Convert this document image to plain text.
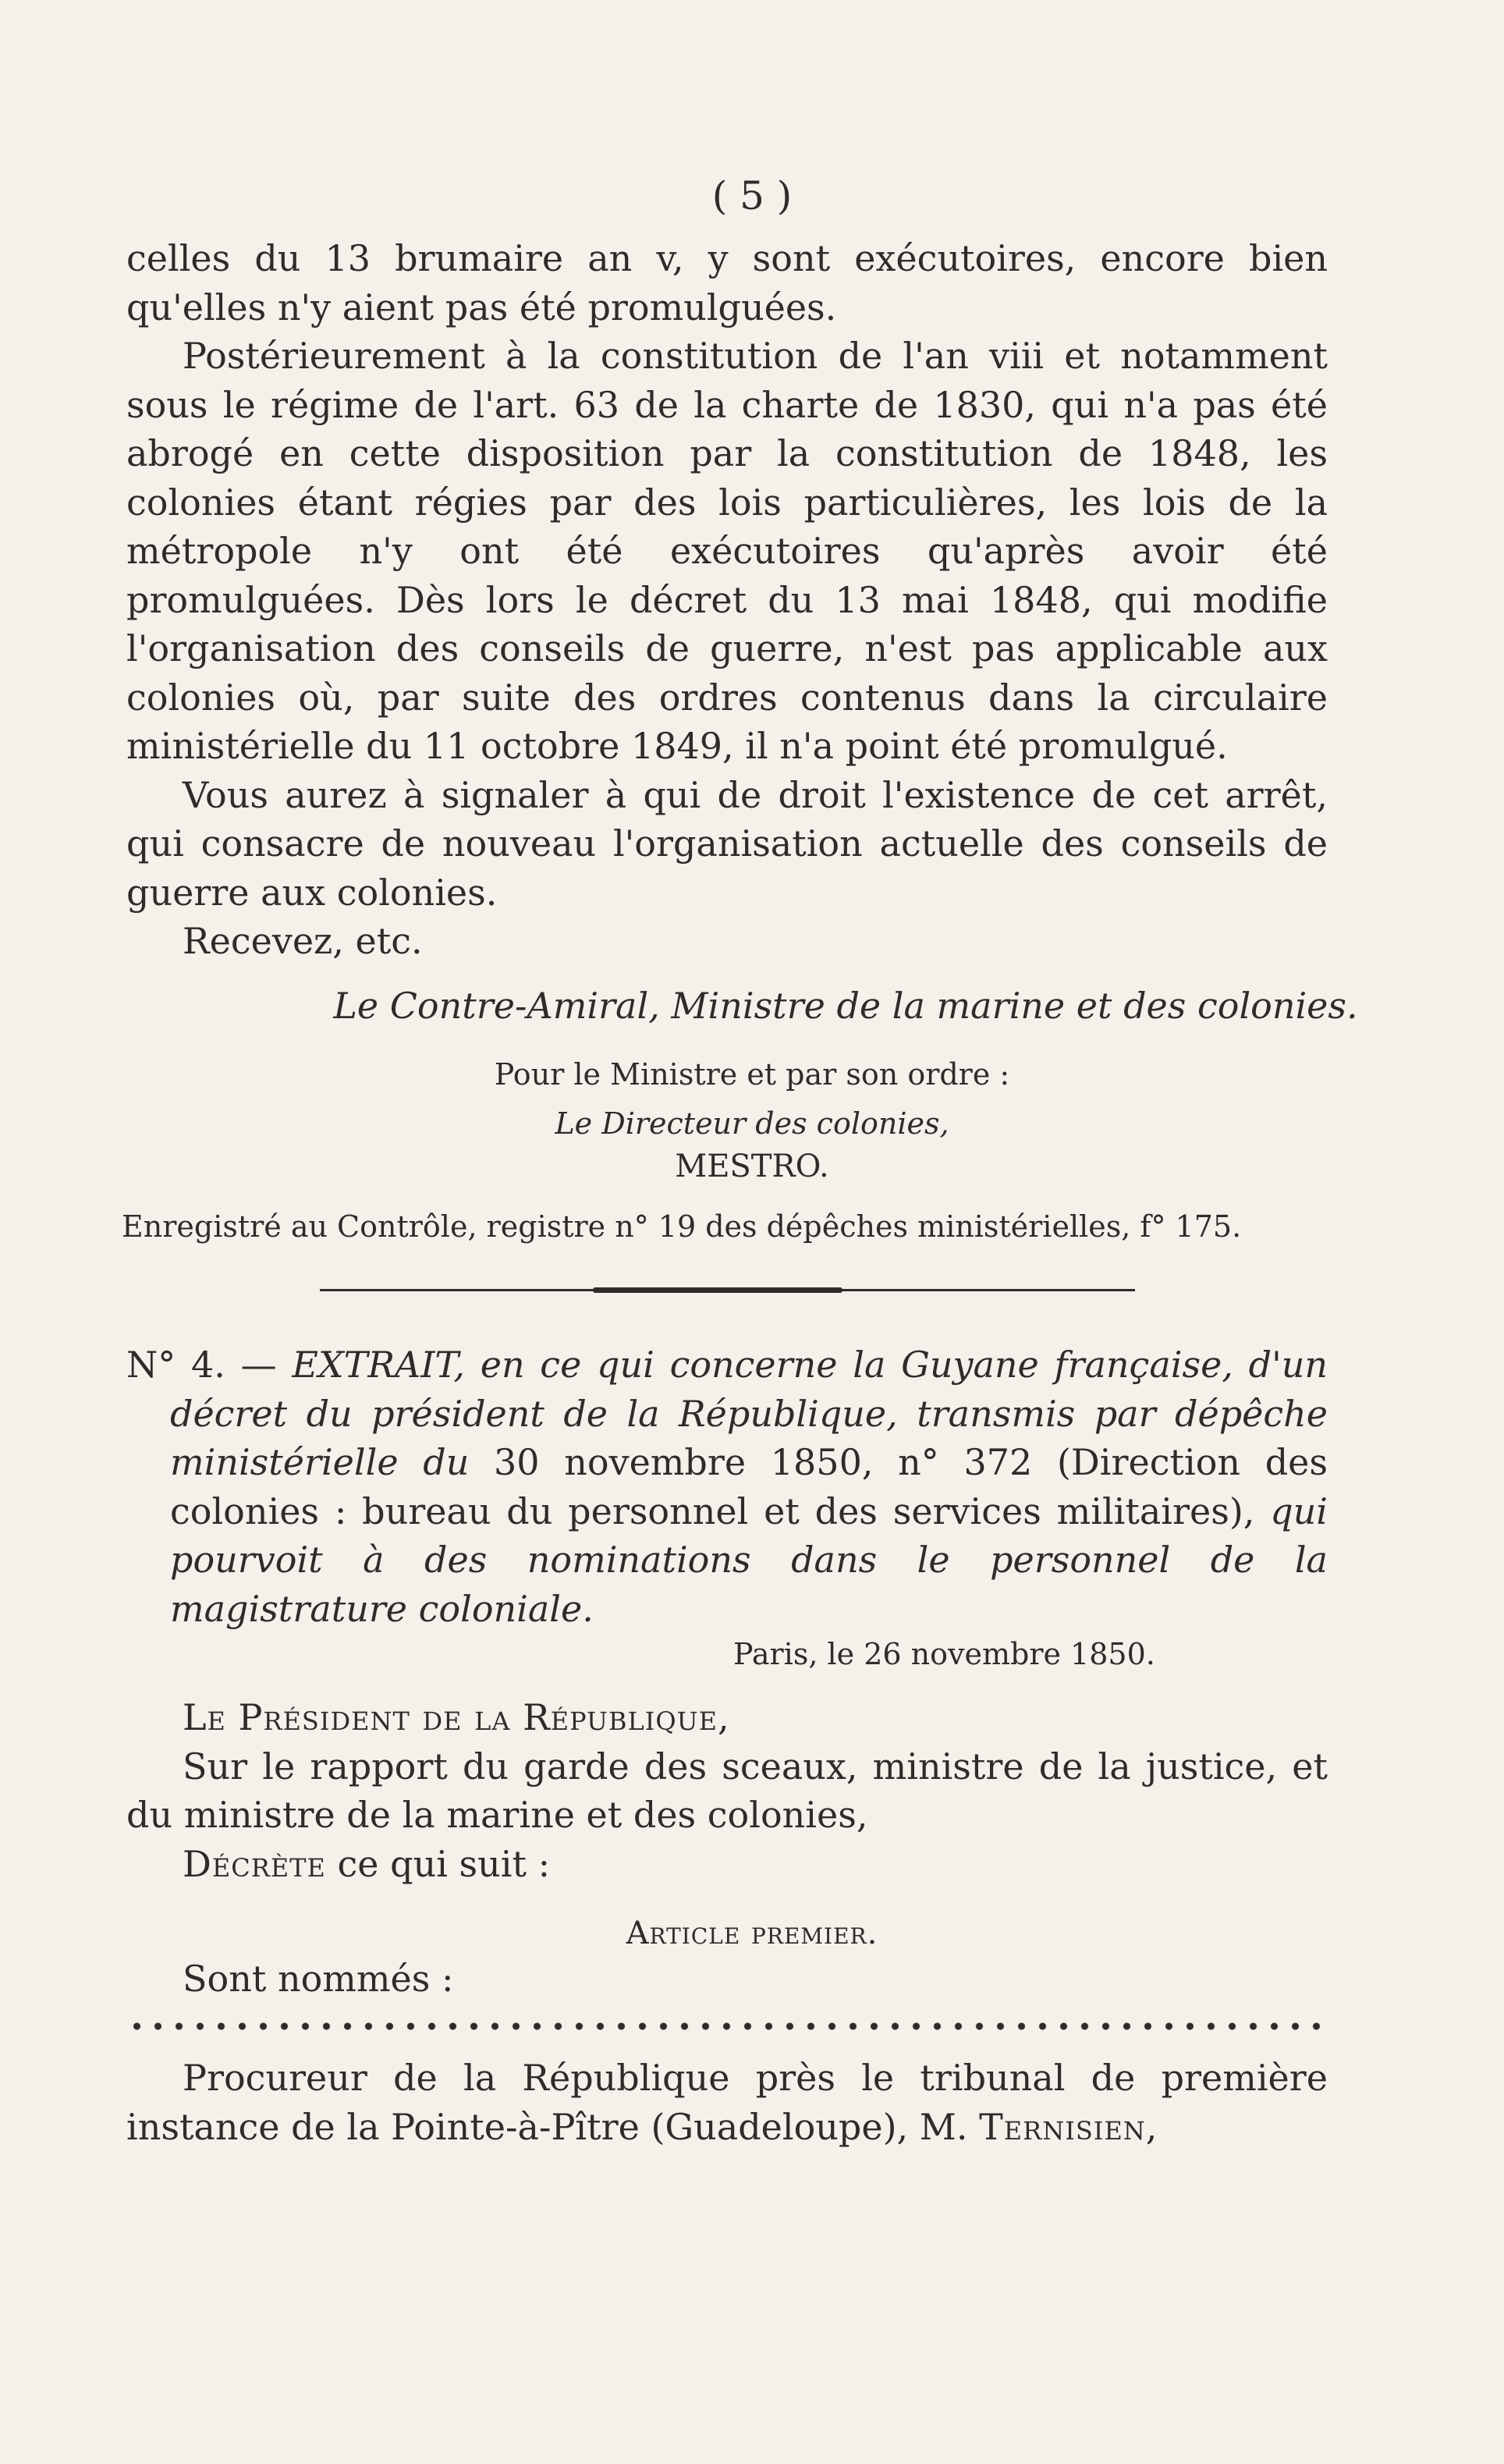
( 5 )

celles du 13 brumaire an v, y sont exécutoires, encore bien qu'elles n'y aient pas été promulguées.

Postérieurement à la constitution de l'an viii et notamment sous le régime de l'art. 63 de la charte de 1830, qui n'a pas été abrogé en cette disposition par la constitution de 1848, les colonies étant régies par des lois particulières, les lois de la métropole n'y ont été exécutoires qu'après avoir été promulguées. Dès lors le décret du 13 mai 1848, qui modifie l'organisation des conseils de guerre, n'est pas applicable aux colonies où, par suite des ordres contenus dans la circulaire ministérielle du 11 octobre 1849, il n'a point été promulgué.

Vous aurez à signaler à qui de droit l'existence de cet arrêt, qui consacre de nouveau l'organisation actuelle des conseils de guerre aux colonies.

Recevez, etc.

Le Contre-Amiral, Ministre de la marine et des colonies.
Pour le Ministre et par son ordre :
Le Directeur des colonies,
MESTRO.
Enregistré au Contrôle, registre n° 19 des dépêches ministérielles, f° 175.
N° 4. — EXTRAIT, en ce qui concerne la Guyane française, d'un décret du président de la République, transmis par dépêche ministérielle du 30 novembre 1850, n° 372 (Direction des colonies : bureau du personnel et des services militaires), qui pourvoit à des nominations dans le personnel de la magistrature coloniale.
Paris, le 26 novembre 1850.

Le Président de la République,

Sur le rapport du garde des sceaux, ministre de la justice, et du ministre de la marine et des colonies,

Décrète ce qui suit :

Article premier.

Sont nommés :

Procureur de la République près le tribunal de première instance de la Pointe-à-Pître (Guadeloupe), M. Ternisien,
